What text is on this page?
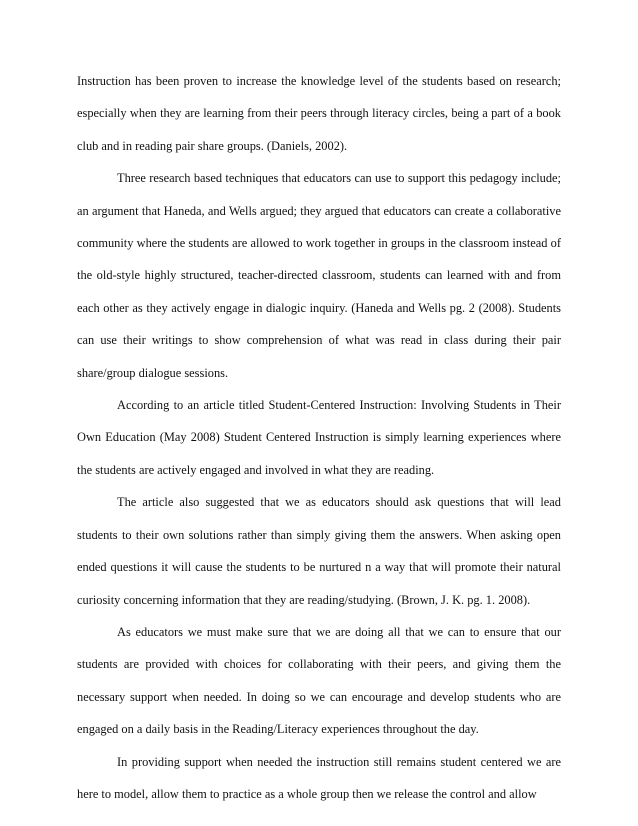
Instruction has been proven to increase the knowledge level of the students based on research; especially when they are learning from their peers through literacy circles, being a part of a book club and in reading pair share groups. (Daniels, 2002).

Three research based techniques that educators can use to support this pedagogy include; an argument that Haneda, and Wells argued; they argued that educators can create a collaborative community where the students are allowed to work together in groups in the classroom instead of the old-style highly structured, teacher-directed classroom, students can learned with and from each other as they actively engage in dialogic inquiry. (Haneda and Wells pg. 2 (2008). Students can use their writings to show comprehension of what was read in class during their pair share/group dialogue sessions.

According to an article titled Student-Centered Instruction: Involving Students in Their Own Education (May 2008) Student Centered Instruction is simply learning experiences where the students are actively engaged and involved in what they are reading.

The article also suggested that we as educators should ask questions that will lead students to their own solutions rather than simply giving them the answers. When asking open ended questions it will cause the students to be nurtured n a way that will promote their natural curiosity concerning information that they are reading/studying. (Brown, J. K. pg. 1. 2008).

As educators we must make sure that we are doing all that we can to ensure that our students are provided with choices for collaborating with their peers, and giving them the necessary support when needed. In doing so we can encourage and develop students who are engaged on a daily basis in the Reading/Literacy experiences throughout the day.

In providing support when needed the instruction still remains student centered we are here to model, allow them to practice as a whole group then we release the control and allow
